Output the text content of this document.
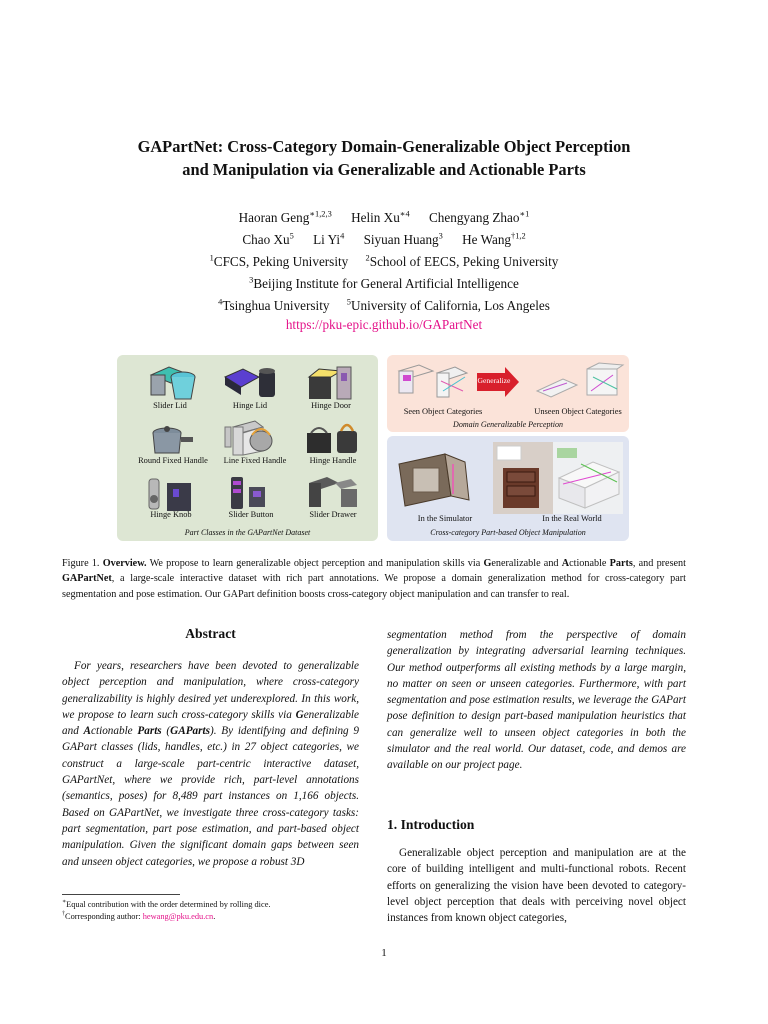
GAPartNet: Cross-Category Domain-Generalizable Object Perception
and Manipulation via Generalizable and Actionable Parts
Haoran Geng$^{∗1,2,3}$ Helin $Xu^{∗4}$ Chengyang Zhao$^{∗1}$
Chao Xu$^5$ Li Yi$^4$ Siyuan Huang$^3$ He Wang$^{\dagger 1,2}$
$^1$CFCS, Peking University $^2$School of EECS, Peking University
$^3$Beijing Institute for General Artificial Intelligence
$^4$Tsinghua University $^5$University of California, Los Angeles
https://pku-epic.github.io/GAPartNet
Slider Lid	Hinge Lid	Hinge Door
Round Fixed Handle	Line Fixed Handle	Hinge Handle
Hinge Knob	Slider Button	Slider Drawer
Part Classes in the GAPartNet Dataset
Generalize
Seen Object Categories	Unseen Object Categories
Domain Generalizable Perception
In the Simulator	In the Real World
Cross-category Part-based Object Manipulation
Figure 1. Overview. We propose to learn generalizable object perception and manipulation skills via Generalizable and Actionable Parts, and present GAPartNet, a large-scale interactive dataset with rich part annotations. We propose a domain generalization method for cross-category part segmentation and pose estimation. Our GAPart definition boosts cross-category object manipulation and can transfer to real.
Abstract
For years, researchers have been devoted to generalizable object perception and manipulation, where cross-category generalizability is highly desired yet underexplored. In this work, we propose to learn such cross-category skills via Generalizable and Actionable Parts (GAParts). By identifying and defining 9 GAPart classes (lids, handles, etc.) in 27 object categories, we construct a large-scale part-centric interactive dataset, GAPartNet, where we provide rich, part-level annotations (semantics, poses) for 8,489 part instances on 1,166 objects. Based on GAPartNet, we investigate three cross-category tasks: part segmentation, part pose estimation, and part-based object manipulation. Given the significant domain gaps between seen and unseen object categories, we propose a robust 3D
segmentation method from the perspective of domain generalization by integrating adversarial learning techniques. Our method outperforms all existing methods by a large margin, no matter on seen or unseen categories. Furthermore, with part segmentation and pose estimation results, we leverage the GAPart pose definition to design part-based manipulation heuristics that can generalize well to unseen object categories in both the simulator and the real world. Our dataset, code, and demos are available on our project page.
1. Introduction
Generalizable object perception and manipulation are at the core of building intelligent and multi-functional robots. Recent efforts on generalizing the vision have been devoted to category-level object perception that deals with perceiving novel object instances from known object categories,
∗Equal contribution with the order determined by rolling dice.
†Corresponding author: hewang@pku.edu.cn.
1
